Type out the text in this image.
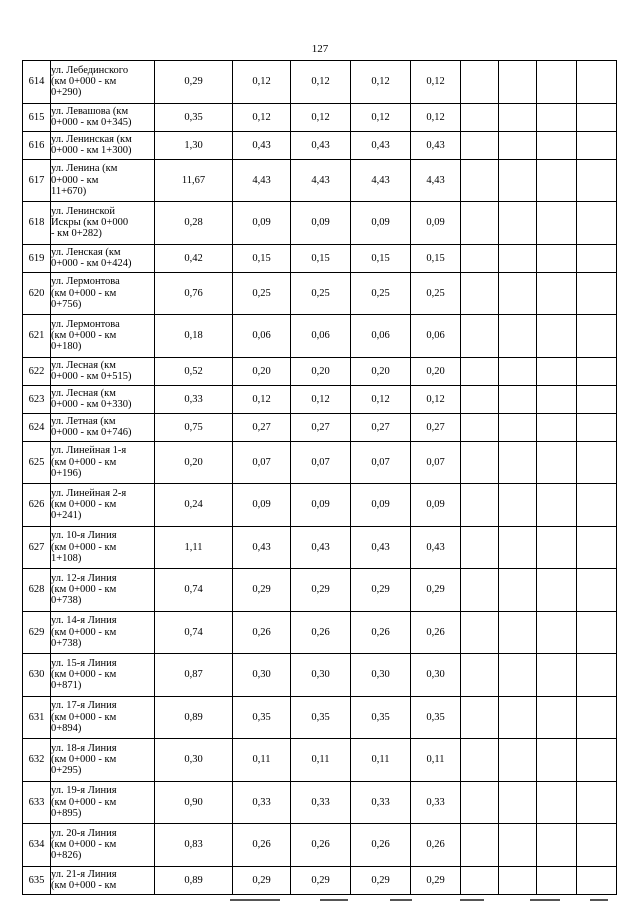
127
614	ул. Лебединского
(км 0+000 - км
0+290)	0,29	0,12	0,12	0,12	0,12				
615	ул. Левашова (км
0+000 - км 0+345)	0,35	0,12	0,12	0,12	0,12				
616	ул. Ленинская (км
0+000 - км 1+300)	1,30	0,43	0,43	0,43	0,43				
617	ул. Ленина (км
0+000 - км
11+670)	11,67	4,43	4,43	4,43	4,43				
618	ул. Ленинской
Искры (км 0+000
- км 0+282)	0,28	0,09	0,09	0,09	0,09				
619	ул. Ленская (км
0+000 - км 0+424)	0,42	0,15	0,15	0,15	0,15				
620	ул. Лермонтова
(км 0+000 - км
0+756)	0,76	0,25	0,25	0,25	0,25				
621	ул. Лермонтова
(км 0+000 - км
0+180)	0,18	0,06	0,06	0,06	0,06				
622	ул. Лесная (км
0+000 - км 0+515)	0,52	0,20	0,20	0,20	0,20				
623	ул. Лесная (км
0+000 - км 0+330)	0,33	0,12	0,12	0,12	0,12				
624	ул. Летная (км
0+000 - км 0+746)	0,75	0,27	0,27	0,27	0,27				
625	ул. Линейная 1-я
(км 0+000 - км
0+196)	0,20	0,07	0,07	0,07	0,07				
626	ул. Линейная 2-я
(км 0+000 - км
0+241)	0,24	0,09	0,09	0,09	0,09				
627	ул. 10-я Линия
(км 0+000 - км
1+108)	1,11	0,43	0,43	0,43	0,43				
628	ул. 12-я Линия
(км 0+000 - км
0+738)	0,74	0,29	0,29	0,29	0,29				
629	ул. 14-я Линия
(км 0+000 - км
0+738)	0,74	0,26	0,26	0,26	0,26				
630	ул. 15-я Линия
(км 0+000 - км
0+871)	0,87	0,30	0,30	0,30	0,30				
631	ул. 17-я Линия
(км 0+000 - км
0+894)	0,89	0,35	0,35	0,35	0,35				
632	ул. 18-я Линия
(км 0+000 - км
0+295)	0,30	0,11	0,11	0,11	0,11				
633	ул. 19-я Линия
(км 0+000 - км
0+895)	0,90	0,33	0,33	0,33	0,33				
634	ул. 20-я Линия
(км 0+000 - км
0+826)	0,83	0,26	0,26	0,26	0,26				
635	ул. 21-я Линия
(км 0+000 - км	0,89	0,29	0,29	0,29	0,29				
